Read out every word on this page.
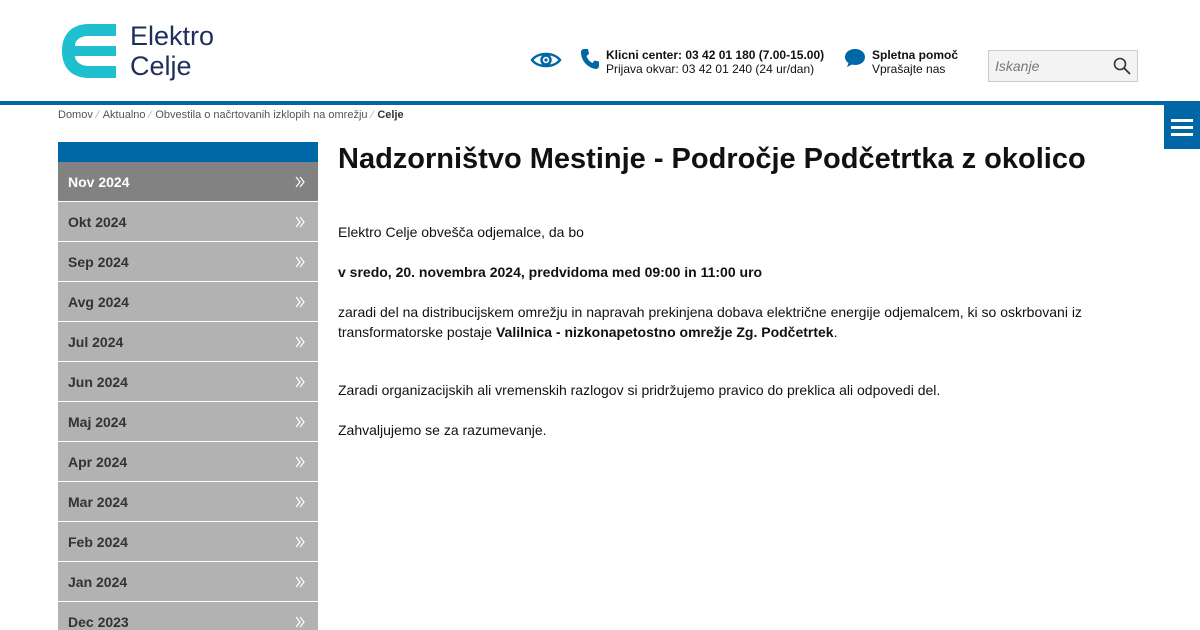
Elektro
Celje	Klicni center: 03 42 01 180 (7.00-15.00)
Prijava okvar: 03 42 01 240 (24 ur/dan)
Spletna pomoč
Vprašajte nas
Iskanje
Domov ⁄ Aktualno ⁄ Obvestila o načrtovanih izklopih na omrežju ⁄ Celje
Nov 2024
Okt 2024
Sep 2024
Avg 2024
Jul 2024
Jun 2024
Maj 2024
Apr 2024
Mar 2024
Feb 2024
Jan 2024
Dec 2023
Nadzorništvo Mestinje - Področje Podčetrtka z okolico

Elektro Celje obvešča odjemalce, da bo

v sredo, 20. novembra 2024, predvidoma med 09:00 in 11:00 uro

zaradi del na distribucijskem omrežju in napravah prekinjena dobava električne energije odjemalcem, ki so oskrbovani iz transformatorske postaje Valilnica - nizkonapetostno omrežje Zg. Podčetrtek.

Zaradi organizacijskih ali vremenskih razlogov si pridržujemo pravico do preklica ali odpovedi del.

Zahvaljujemo se za razumevanje.
